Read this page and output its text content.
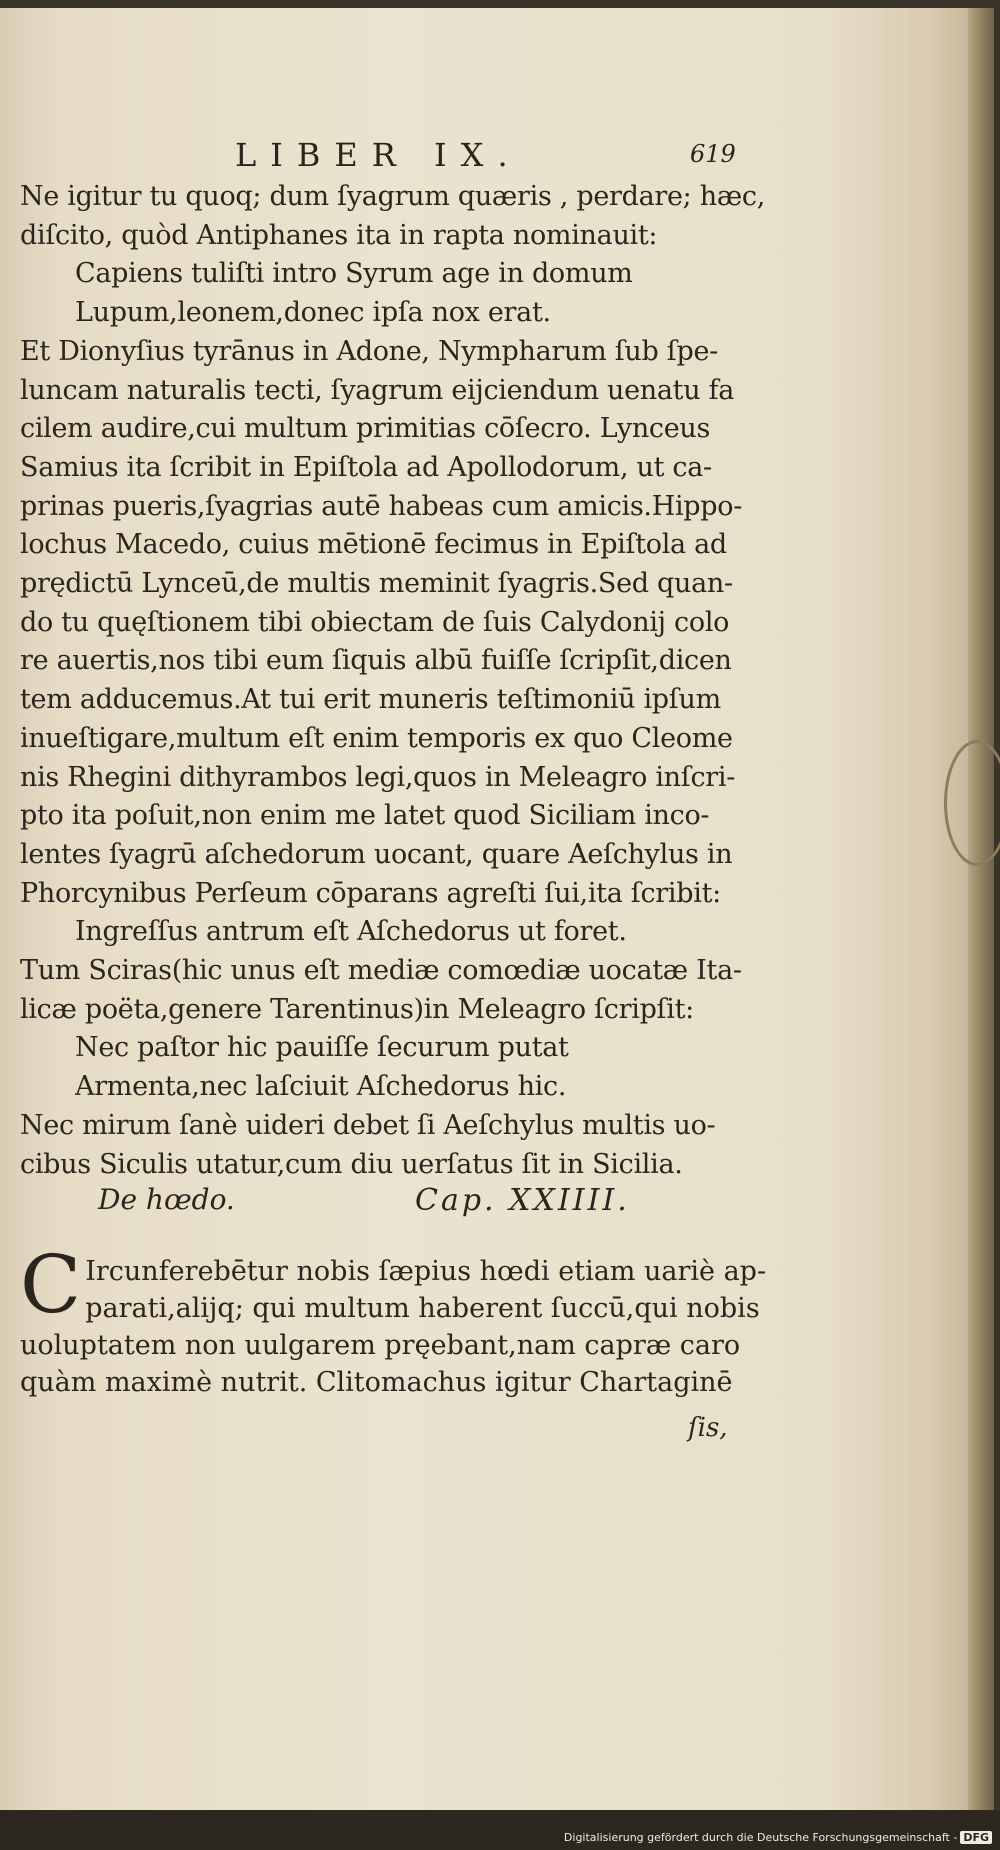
LIBER IX.	619
Ne igitur tu quoq; dum ſyagrum quæris , perdare; hæc,
diſcito, quòd Antiphanes ita in rapta nominauit:
Capiens tuliſti intro Syrum age in domum
Lupum,leonem,donec ipſa nox erat.
Et Dionyſius tyrānus in Adone, Nympharum ſub ſpe-
luncam naturalis tecti, ſyagrum eijciendum uenatu fa
cilem audire,cui multum primitias cōſecro. Lynceus
Samius ita ſcribit in Epiſtola ad Apollodorum, ut ca-
prinas pueris,ſyagrias autē habeas cum amicis.Hippo-
lochus Macedo, cuius mētionē fecimus in Epiſtola ad
prędictū Lynceū,de multis meminit ſyagris.Sed quan-
do tu quęſtionem tibi obiectam de ſuis Calydonij colo
re auertis,nos tibi eum ſiquis albū fuiſſe ſcripſit,dicen
tem adducemus.At tui erit muneris teſtimoniū ipſum
inueſtigare,multum eſt enim temporis ex quo Cleome
nis Rhegini dithyrambos legi,quos in Meleagro inſcri-
pto ita poſuit,non enim me latet quod Siciliam inco-
lentes ſyagrū aſchedorum uocant, quare Aeſchylus in
Phorcynibus Perſeum cōparans agreſti ſui,ita ſcribit:
Ingreſſus antrum eſt Aſchedorus ut foret.
Tum Sciras(hic unus eſt mediæ comœdiæ uocatæ Ita-
licæ poëta,genere Tarentinus)in Meleagro ſcripſit:
Nec paſtor hic pauiſſe ſecurum putat
Armenta,nec laſciuit Aſchedorus hic.
Nec mirum ſanè uideri debet ſi Aeſchylus multis uo-
cibus Siculis utatur,cum diu uerſatus ſit in Sicilia.
De hœdo.	Cap. XXIIII.
C Ircunferebētur nobis ſæpius hœdi etiam uariè ap-
parati,alijq; qui multum haberent ſuccū,qui nobis
uoluptatem non uulgarem pręebant,nam capræ caro
quàm maximè nutrit. Clitomachus igitur Chartaginē
ſis,
Digitalisierung gefördert durch die Deutsche Forschungsgemeinschaft - DFG
